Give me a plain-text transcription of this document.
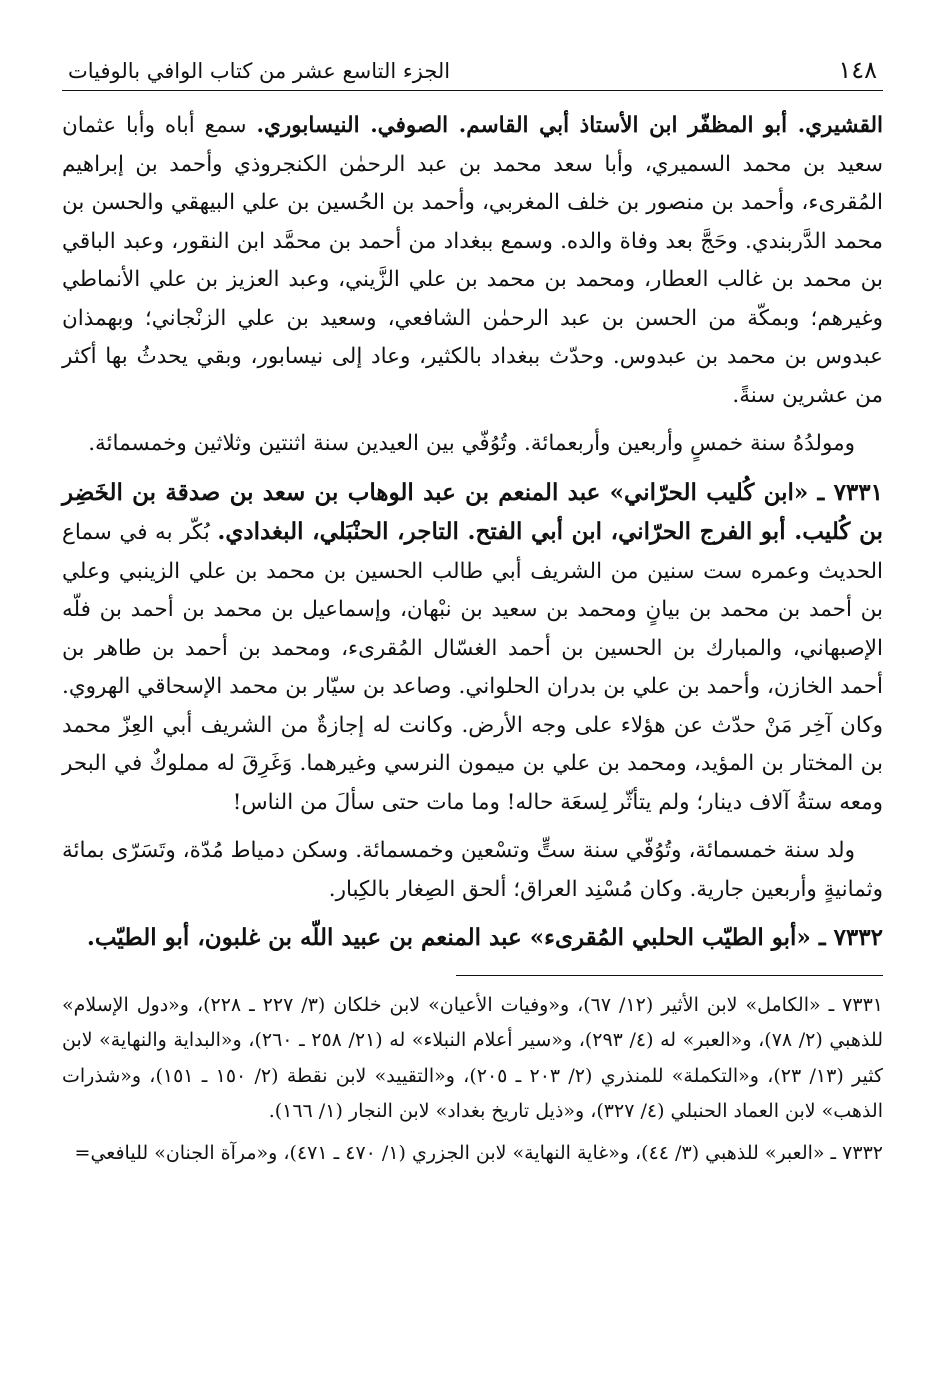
١٤٨
الجزء التاسع عشر من كتاب الوافي بالوفيات

القشيري. أبو المظفّر ابن الأستاذ أبي القاسم. الصوفي. النيسابوري. سمع أباه وأبا عثمان سعيد بن محمد السميري، وأبا سعد محمد بن عبد الرحمٰن الكنجروذي وأحمد بن إبراهيم المُقرىء، وأحمد بن منصور بن خلف المغربي، وأحمد بن الحُسين بن علي البيهقي والحسن بن محمد الدَّربندي. وحَجَّ بعد وفاة والده. وسمع ببغداد من أحمد بن محمَّد ابن النقور، وعبد الباقي بن محمد بن غالب العطار، ومحمد بن محمد بن علي الزَّيني، وعبد العزيز بن علي الأنماطي وغيرهم؛ وبمكّة من الحسن بن عبد الرحمٰن الشافعي، وسعيد بن علي الزنْجاني؛ وبهمذان عبدوس بن محمد بن عبدوس. وحدّث ببغداد بالكثير، وعاد إلى نيسابور، وبقي يحدثُ بها أكثر من عشرين سنةً.

ومولدُهُ سنة خمسٍ وأربعين وأربعمائة. وتُوُفّي بين العيدين سنة اثنتين وثلاثين وخمسمائة.

٧٣٣١ ـ «ابن كُليب الحرّاني» عبد المنعم بن عبد الوهاب بن سعد بن صدقة بن الخَضِر بن كُليب. أبو الفرج الحرّاني، ابن أبي الفتح. التاجر، الحنْبَلي، البغدادي. بُكّر به في سماع الحديث وعمره ست سنين من الشريف أبي طالب الحسين بن محمد بن علي الزينبي وعلي بن أحمد بن محمد بن بيانٍ ومحمد بن سعيد بن نبْهان، وإسماعيل بن محمد بن أحمد بن فلّه الإصبهاني، والمبارك بن الحسين بن أحمد الغسّال المُقرىء، ومحمد بن أحمد بن طاهر بن أحمد الخازن، وأحمد بن علي بن بدران الحلواني. وصاعد بن سيّار بن محمد الإسحاقي الهروي. وكان آخِر مَنْ حدّث عن هؤلاء على وجه الأرض. وكانت له إجازةٌ من الشريف أبي العِزّ محمد بن المختار بن المؤيد، ومحمد بن علي بن ميمون النرسي وغيرهما. وَغَرِقَ له مملوكٌ في البحر ومعه ستةُ آلاف دينار؛ ولم يتأثّر لِسعَة حاله! وما مات حتى سألَ من الناس!

ولد سنة خمسمائة، وتُوُفّي سنة ستٍّ وتسْعين وخمسمائة. وسكن دمياط مُدّة، وتَسَرّى بمائة وثمانيةٍ وأربعين جارية. وكان مُسْنِد العراق؛ ألحق الصِغار بالكِبار.

٧٣٣٢ ـ «أبو الطيّب الحلبي المُقرىء» عبد المنعم بن عبيد اللّه بن غلبون، أبو الطيّب.

٧٣٣١ ـ «الكامل» لابن الأثير (١٢/ ٦٧)، و«وفيات الأعيان» لابن خلكان (٣/ ٢٢٧ ـ ٢٢٨)، و«دول الإسلام» للذهبي (٢/ ٧٨)، و«العبر» له (٤/ ٢٩٣)، و«سير أعلام النبلاء» له (٢١/ ٢٥٨ ـ ٢٦٠)، و«البداية والنهاية» لابن كثير (١٣/ ٢٣)، و«التكملة» للمنذري (٢/ ٢٠٣ ـ ٢٠٥)، و«التقييد» لابن نقطة (٢/ ١٥٠ ـ ١٥١)، و«شذرات الذهب» لابن العماد الحنبلي (٤/ ٣٢٧)، و«ذيل تاريخ بغداد» لابن النجار (١/ ١٦٦).

٧٣٣٢ ـ «العبر» للذهبي (٣/ ٤٤)، و«غاية النهاية» لابن الجزري (١/ ٤٧٠ ـ ٤٧١)، و«مرآة الجنان» لليافعي=
